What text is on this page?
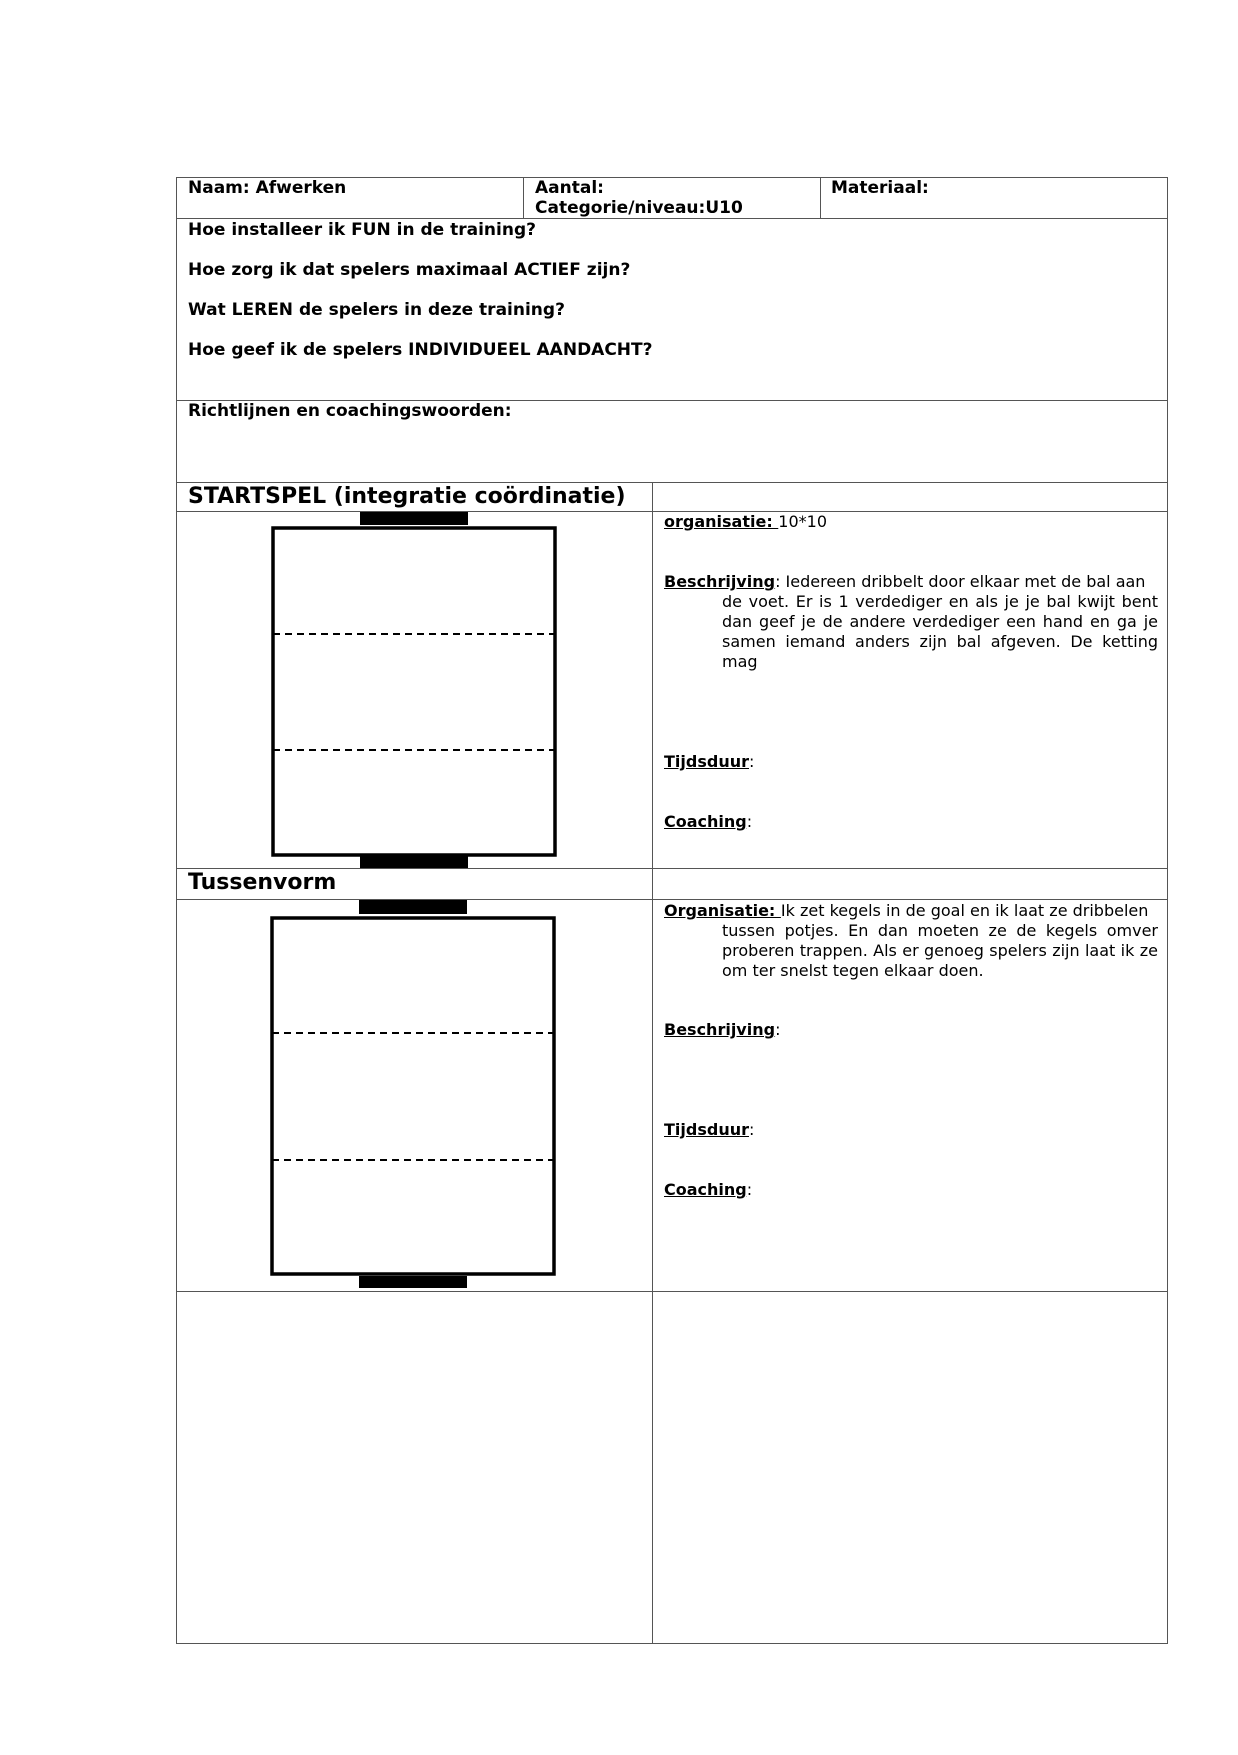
Naam: Afwerken	Aantal:
Categorie/niveau:U10
Materiaal:
Hoe installeer ik FUN in de training?
Hoe zorg ik dat spelers maximaal ACTIEF zijn?
Wat LEREN de spelers in deze training?
Hoe geef ik de spelers INDIVIDUEEL AANDACHT?
Richtlijnen en coachingswoorden:
STARTSPEL (integratie coördinatie)
organisatie: 10*10

Beschrijving: Iedereen dribbelt door elkaar met de bal aan

de voet. Er is 1 verdediger en als je je bal kwijt bent dan geef je de andere verdediger een hand en ga je samen iemand anders zijn bal afgeven. De ketting mag

Tijdsduur:
Coaching:
Tussenvorm

Organisatie: Ik zet kegels in de goal en ik laat ze dribbelen

tussen potjes. En dan moeten ze de kegels omver proberen trappen. Als er genoeg spelers zijn laat ik ze om ter snelst tegen elkaar doen.

Beschrijving:
Tijdsduur:
Coaching:
